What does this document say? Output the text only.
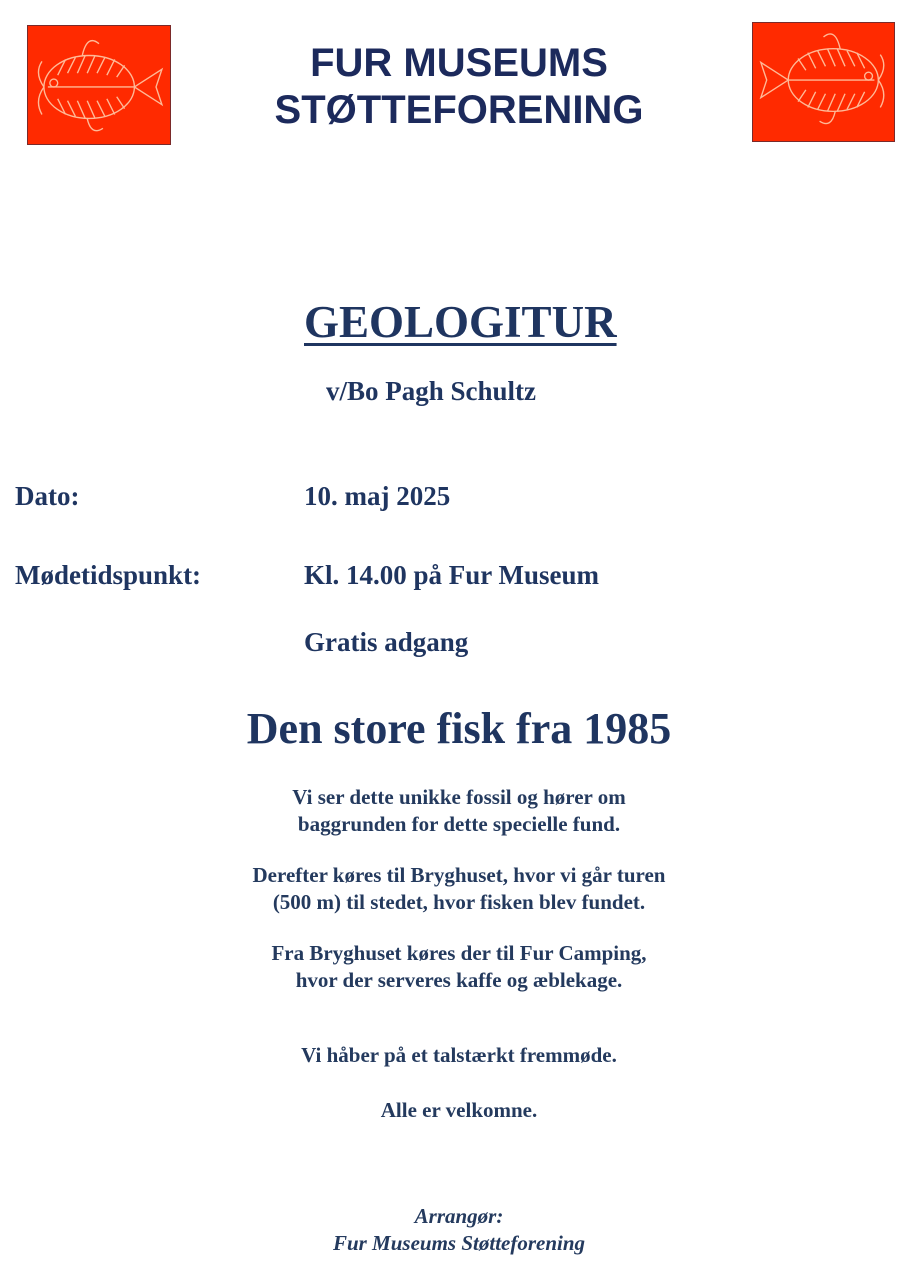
FUR MUSEUMS
STØTTEFORENING
GEOLOGITUR
v/Bo Pagh Schultz
Dato:	10. maj 2025
Mødetidspunkt:	Kl. 14.00 på Fur Museum
Gratis adgang
Den store fisk fra 1985
Vi ser dette unikke fossil og hører om
baggrunden for dette specielle fund.
Derefter køres til Bryghuset, hvor vi går turen
(500 m) til stedet, hvor fisken blev fundet.
Fra Bryghuset køres der til Fur Camping,
hvor der serveres kaffe og æblekage.
Vi håber på et talstærkt fremmøde.
Alle er velkomne.
Arrangør:
Fur Museums Støtteforening
